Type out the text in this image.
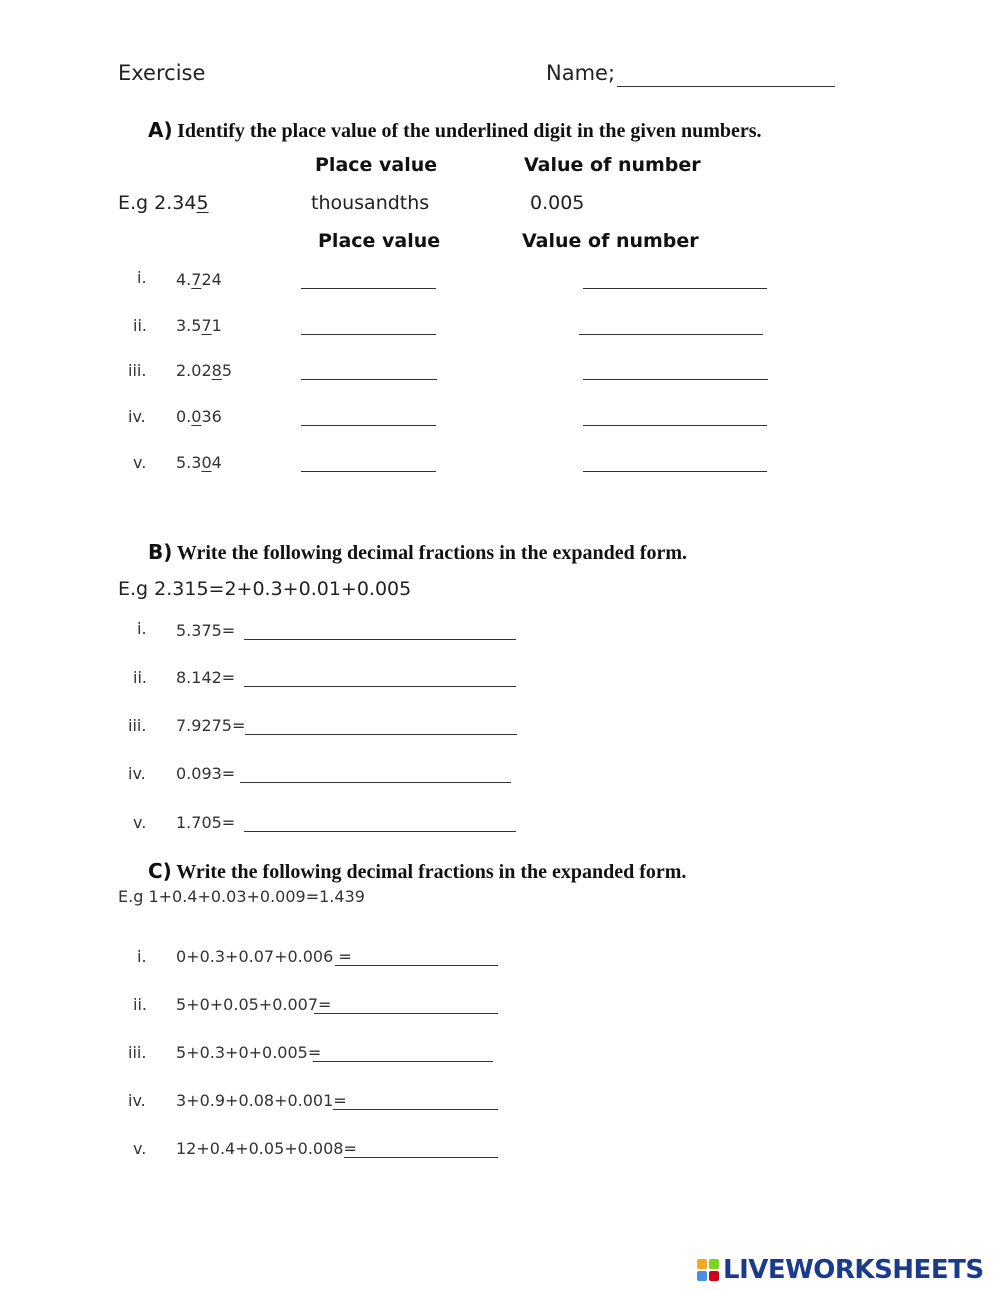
Exercise	Name;
A) Identify the place value of the underlined digit in the given numbers.
Place value	Value of number
E.g 2.345	thousandths	0.005
Place value	Value of number
i. 4.724
ii. 3.571
iii. 2.0285
iv. 0.036
v. 5.304
B) Write the following decimal fractions in the expanded form.
E.g 2.315=2+0.3+0.01+0.005
i. 5.375=
ii. 8.142=
iii. 7.9275=
iv. 0.093=
v. 1.705=
C) Write the following decimal fractions in the expanded form.
E.g 1+0.4+0.03+0.009=1.439
i. 0+0.3+0.07+0.006 =
ii. 5+0+0.05+0.007=
iii. 5+0.3+0+0.005=
iv. 3+0.9+0.08+0.001=
v. 12+0.4+0.05+0.008=
LIVEWORKSHEETS
